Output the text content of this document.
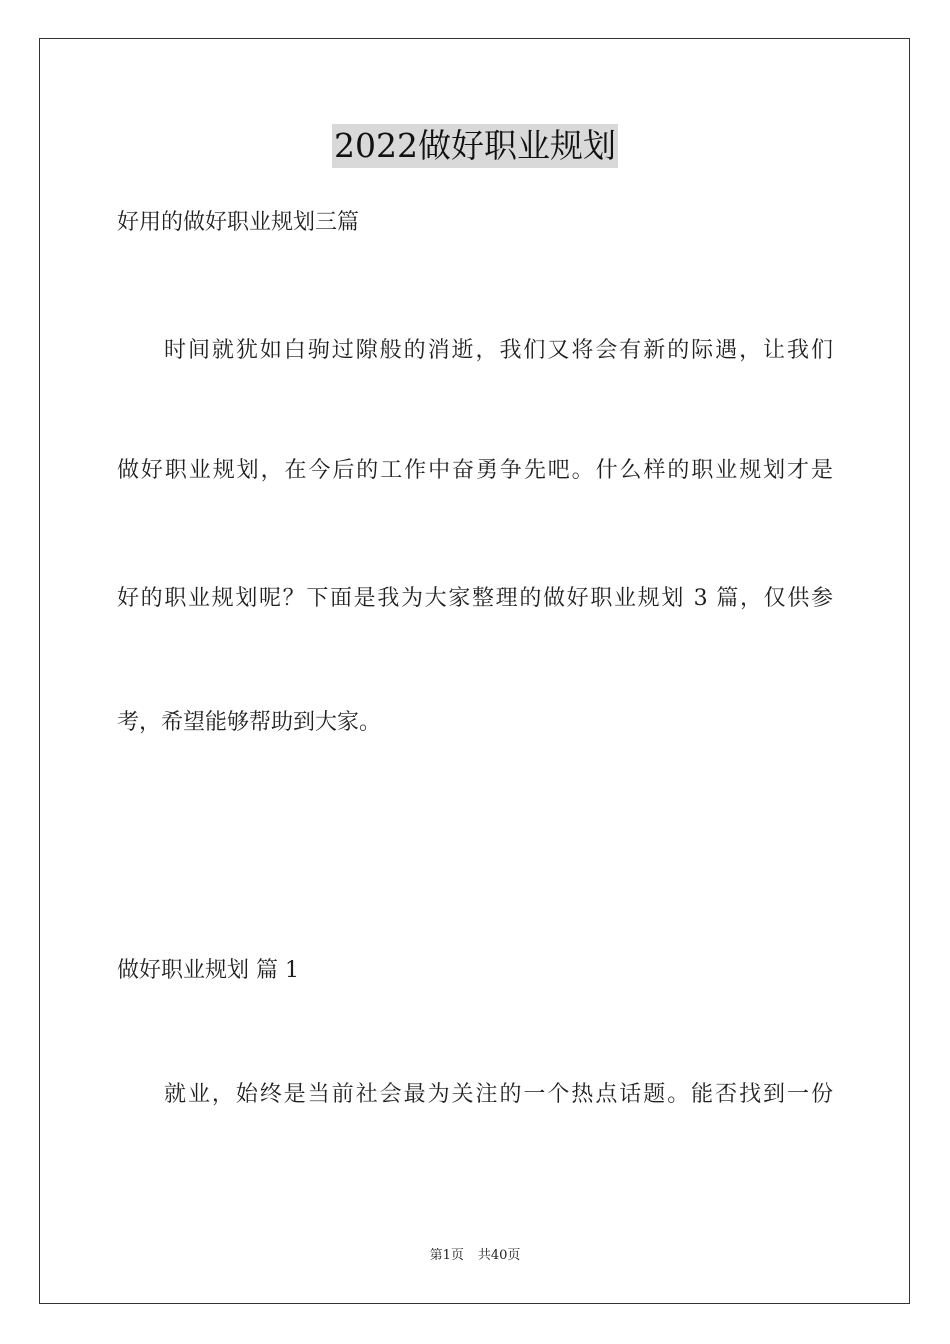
2022做好职业规划
好用的做好职业规划三篇
时间就犹如白驹过隙般的消逝，我们又将会有新的际遇，让我们
做好职业规划，在今后的工作中奋勇争先吧。什么样的职业规划才是
好的职业规划呢？下面是我为大家整理的做好职业规划 3 篇，仅供参
考，希望能够帮助到大家。
做好职业规划 篇 1
就业，始终是当前社会最为关注的一个热点话题。能否找到一份
第1页 共40页
